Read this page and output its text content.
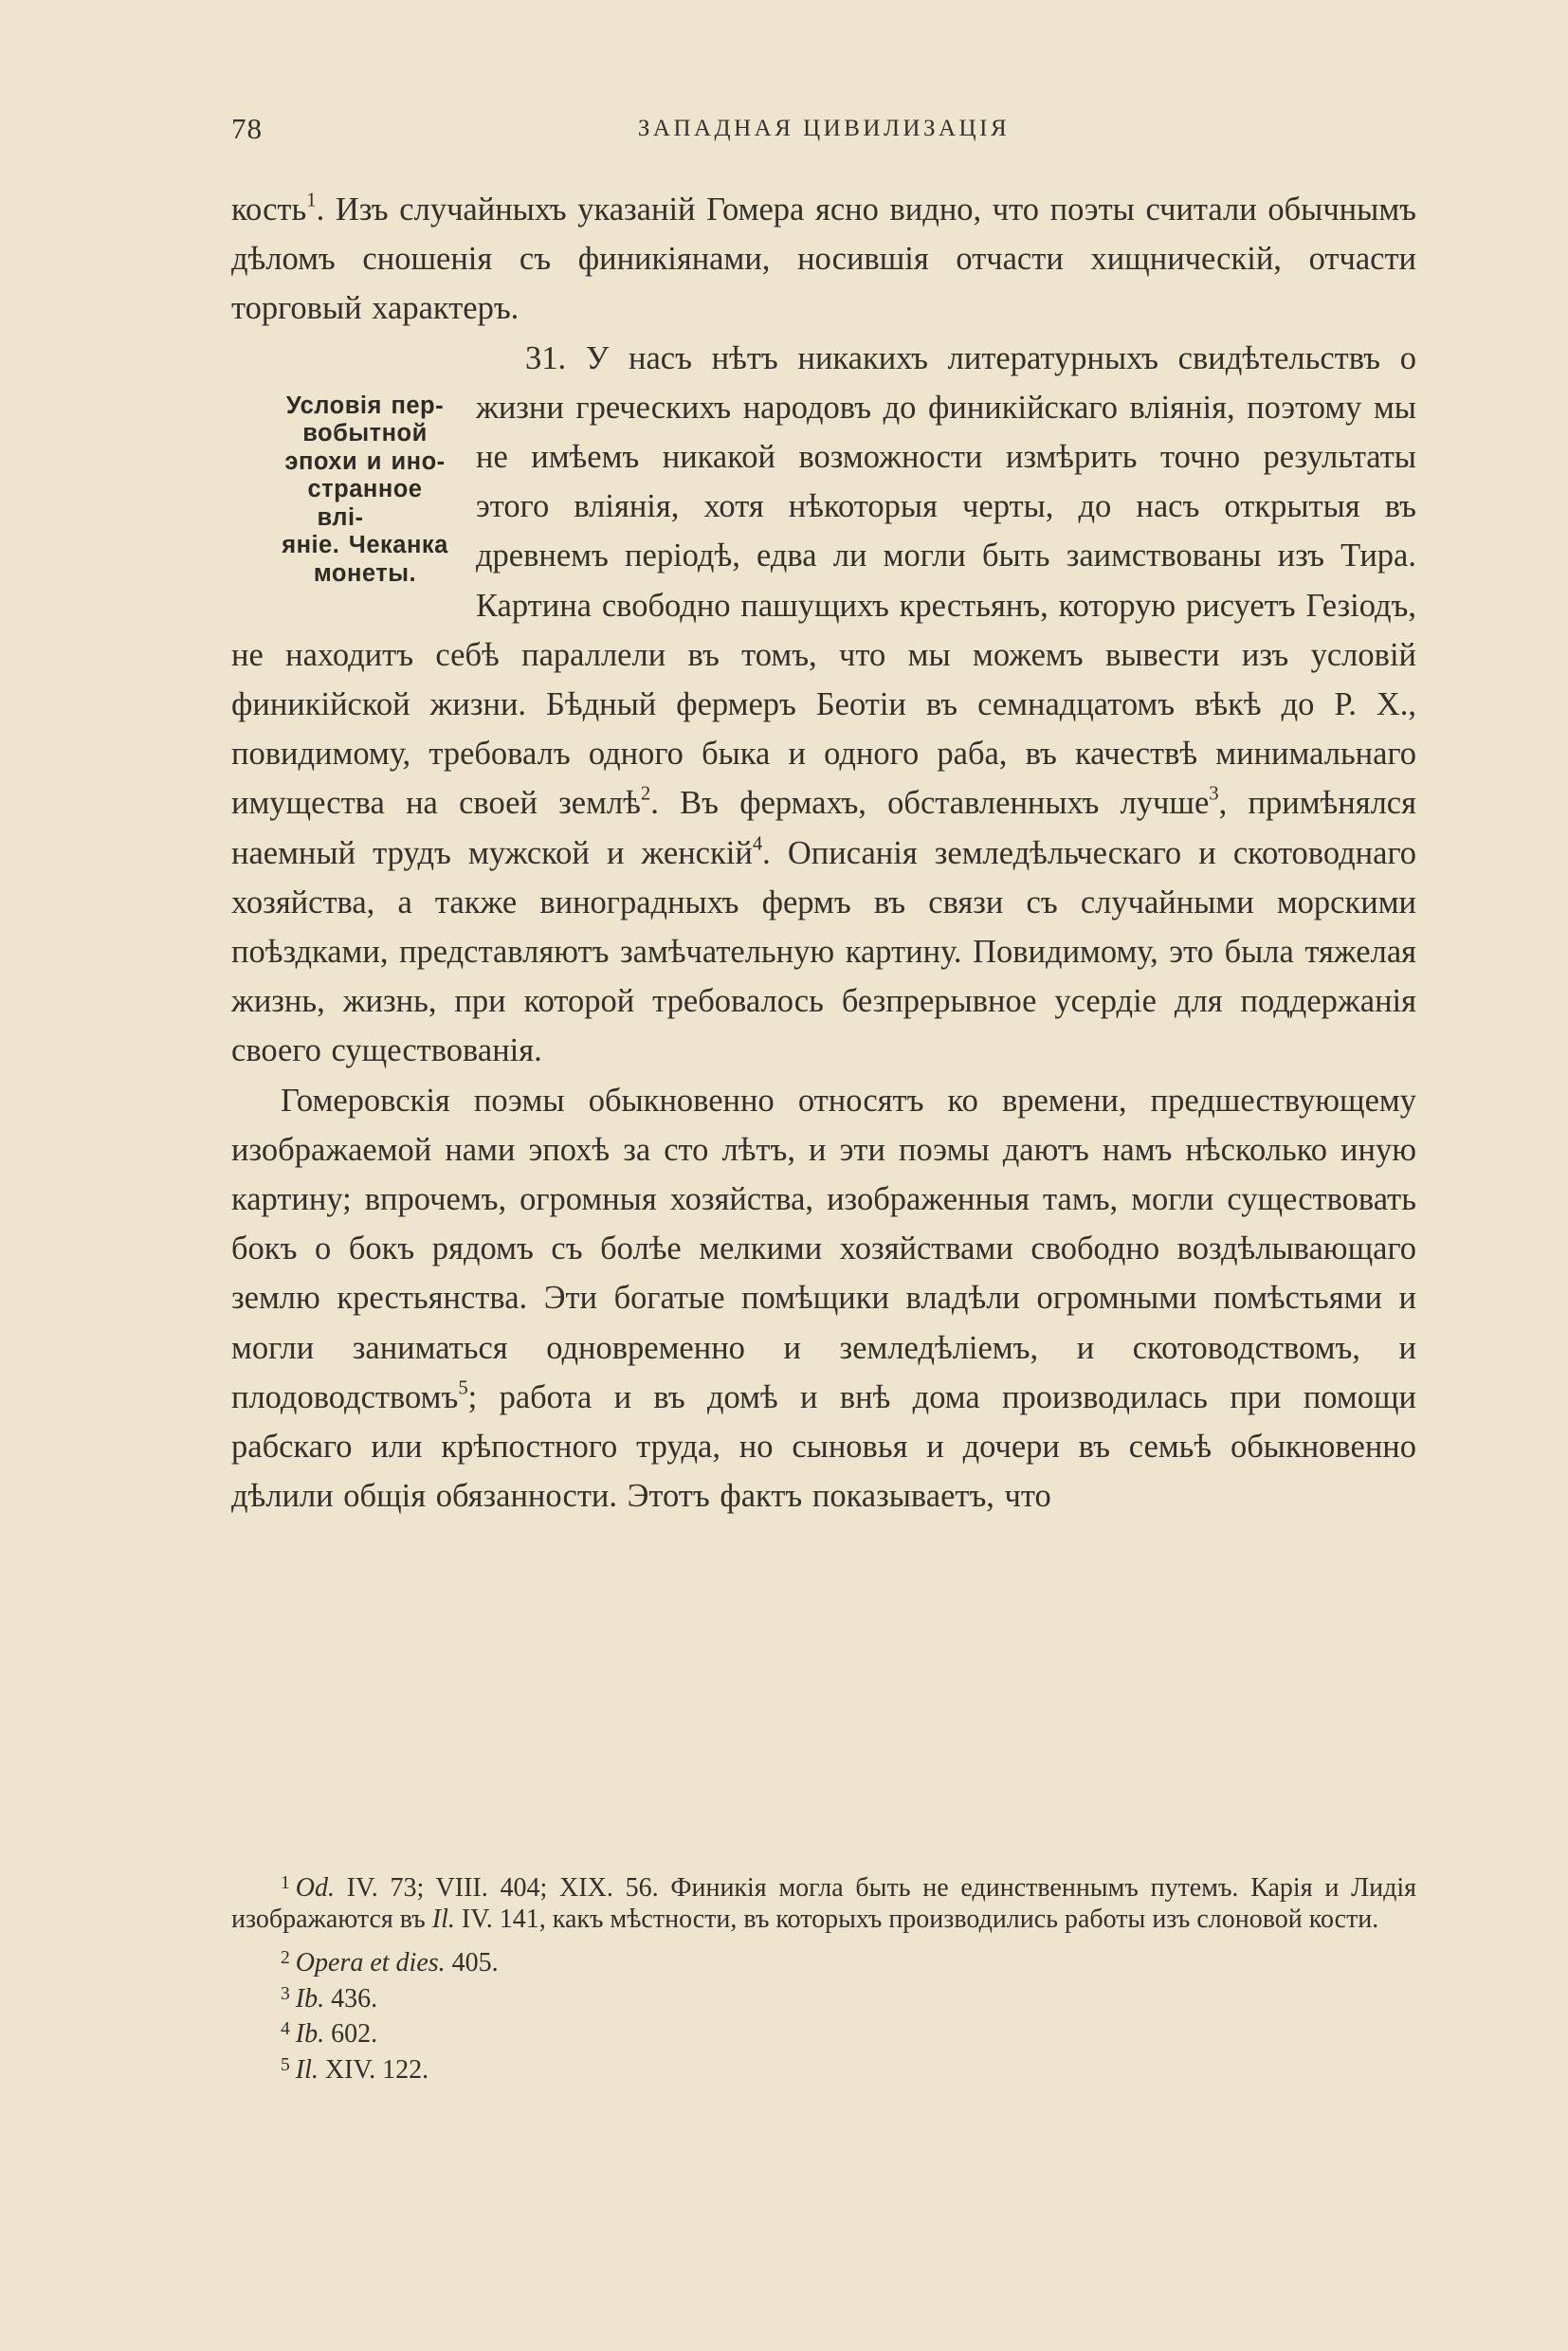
78	ЗАПАДНАЯ ЦИВИЛИЗАЦІЯ

кость$^1$. Изъ случайныхъ указаній Гомера ясно видно, что поэты считали обычнымъ дѣломъ сношенія съ финикіянами, носившія отчасти хищническій, отчасти торговый характеръ.

Условія пер-
вобытной
эпохи и ино-
странное влі-
яніе. Чеканка
монеты.
31. У насъ нѣтъ никакихъ литературныхъ свидѣтельствъ о жизни греческихъ народовъ до финикійскаго вліянія, поэтому мы не имѣемъ никакой возможности измѣрить точно результаты этого вліянія, хотя нѣкоторыя черты, до насъ открытыя въ древнемъ періодѣ, едва ли могли быть заимствованы изъ Тира. Картина свободно пашущихъ крестьянъ, которую рисуетъ Гезіодъ, не находитъ себѣ параллели въ томъ, что мы можемъ вывести изъ условій финикійской жизни. Бѣдный фермеръ Беотіи въ семнадцатомъ вѣкѣ до Р. Х., повидимому, требовалъ одного быка и одного раба, въ качествѣ минимальнаго имущества на своей землѣ$^2$. Въ фермахъ, обставленныхъ лучше$^3$, примѣнялся наемный трудъ мужской и женскій$^4$. Описанія земледѣльческаго и скотоводнаго хозяйства, а также виноградныхъ фермъ въ связи съ случайными морскими поѣздками, представляютъ замѣчательную картину. Повидимому, это была тяжелая жизнь, жизнь, при которой требовалось безпрерывное усердіе для поддержанія своего существованія.

Гомеровскія поэмы обыкновенно относятъ ко времени, предшествующему изображаемой нами эпохѣ за сто лѣтъ, и эти поэмы даютъ намъ нѣсколько иную картину; впрочемъ, огромныя хозяйства, изображенныя тамъ, могли существовать бокъ о бокъ рядомъ съ болѣе мелкими хозяйствами свободно воздѣлывающаго землю крестьянства. Эти богатые помѣщики владѣли огромными помѣстьями и могли заниматься одновременно и земледѣліемъ, и скотоводствомъ, и плодоводствомъ$^5$; работа и въ домѣ и внѣ дома производилась при помощи рабскаго или крѣпостного труда, но сыновья и дочери въ семьѣ обыкновенно дѣлили общія обязанности. Этотъ фактъ показываетъ, что

$^1$ Od. IV. 73; VIII. 404; XIX. 56. Финикія могла быть не единственнымъ путемъ. Карія и Лидія изображаются въ Il. IV. 141, какъ мѣстности, въ которыхъ производились работы изъ слоновой кости.
$^2$ Opera et dies. 405.
$^3$ Ib. 436.
$^4$ Ib. 602.
$^5$ Il. XIV. 122.
